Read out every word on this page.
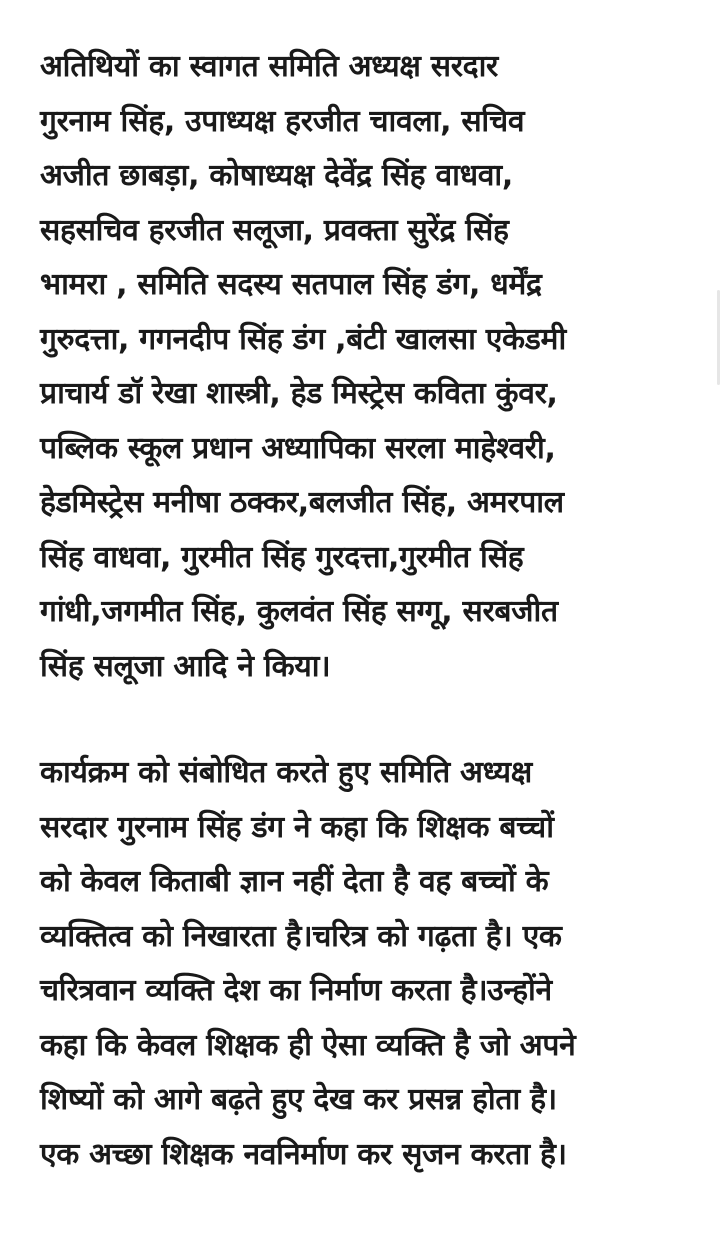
अतिथियों का स्वागत समिति अध्यक्ष सरदार
गुरनाम सिंह, उपाध्यक्ष हरजीत चावला, सचिव
अजीत छाबड़ा, कोषाध्यक्ष देवेंद्र सिंह वाधवा,
सहसचिव हरजीत सलूजा, प्रवक्ता सुरेंद्र सिंह
भामरा , समिति सदस्य सतपाल सिंह डंग, धर्मेंद्र
गुरुदत्ता, गगनदीप सिंह डंग ,बंटी खालसा एकेडमी
प्राचार्य डॉ रेखा शास्त्री, हेड मिस्ट्रेस कविता कुंवर,
पब्लिक स्कूल प्रधान अध्यापिका सरला माहेश्वरी,
हेडमिस्ट्रेस मनीषा ठक्कर,बलजीत सिंह, अमरपाल
सिंह वाधवा, गुरमीत सिंह गुरदत्ता,गुरमीत सिंह
गांधी,जगमीत सिंह, कुलवंत सिंह सग्गू, सरबजीत
सिंह सलूजा आदि ने किया।

कार्यक्रम को संबोधित करते हुए समिति अध्यक्ष
सरदार गुरनाम सिंह डंग ने कहा कि शिक्षक बच्चों
को केवल किताबी ज्ञान नहीं देता है वह बच्चों के
व्यक्तित्व को निखारता है।चरित्र को गढ़ता है। एक
चरित्रवान व्यक्ति देश का निर्माण करता है।उन्होंने
कहा कि केवल शिक्षक ही ऐसा व्यक्ति है जो अपने
शिष्यों को आगे बढ़ते हुए देख कर प्रसन्न होता है।
एक अच्छा शिक्षक नवनिर्माण कर सृजन करता है।
